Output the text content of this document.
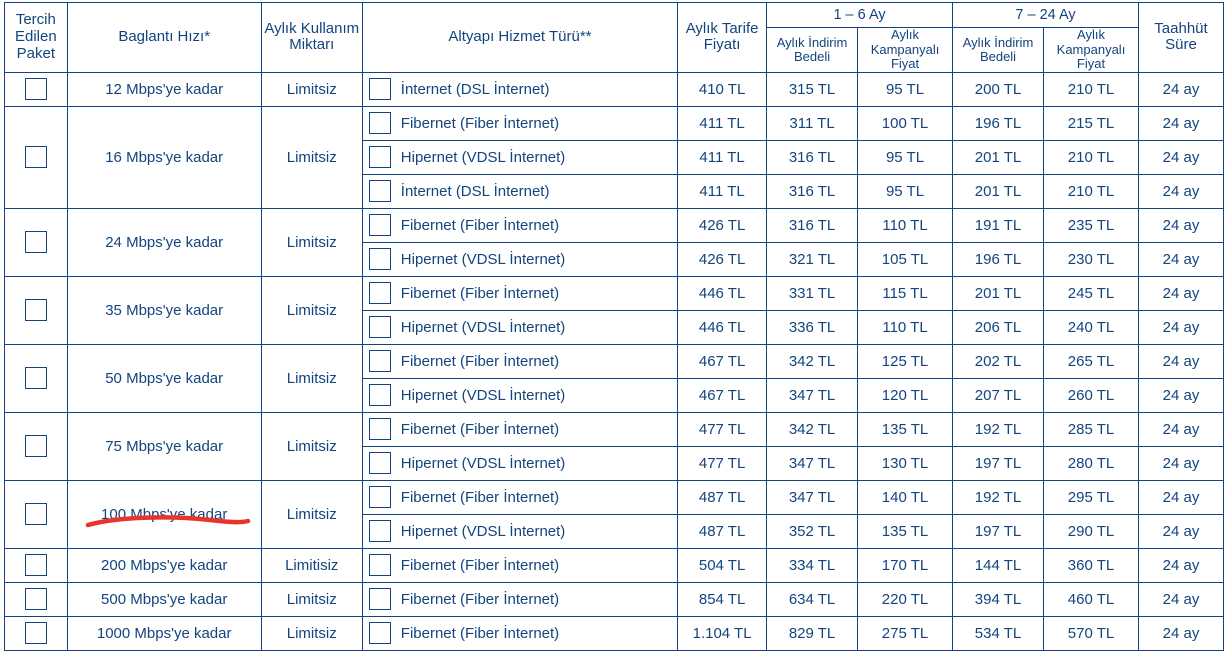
Tercih Edilen Paket	Baglantı Hızı*	Aylık Kullanım Miktarı	Altyapı Hizmet Türü**	Aylık Tarife Fiyatı	1 – 6 Ay		7 – 24 Ay		Taahhüt Süre
					Aylık İndirim Bedeli	Aylık Kampanyalı Fiyat	Aylık İndirim Bedeli	Aylık Kampanyalı Fiyat	

	12 Mbps'ye kadar	Limitsiz	İnternet (DSL İnternet)	410 TL	315 TL	95 TL	200 TL	210 TL	24 ay

	16 Mbps'ye kadar	Limitsiz	Fibernet (Fiber İnternet)	411 TL	311 TL	100 TL	196 TL	215 TL	24 ay

			Hipernet (VDSL İnternet)	411 TL	316 TL	95 TL	201 TL	210 TL	24 ay

			İnternet (DSL İnternet)	411 TL	316 TL	95 TL	201 TL	210 TL	24 ay

	24 Mbps'ye kadar	Limitsiz	Fibernet (Fiber İnternet)	426 TL	316 TL	110 TL	191 TL	235 TL	24 ay

			Hipernet (VDSL İnternet)	426 TL	321 TL	105 TL	196 TL	230 TL	24 ay

	35 Mbps'ye kadar	Limitsiz	Fibernet (Fiber İnternet)	446 TL	331 TL	115 TL	201 TL	245 TL	24 ay

			Hipernet (VDSL İnternet)	446 TL	336 TL	110 TL	206 TL	240 TL	24 ay

	50 Mbps'ye kadar	Limitsiz	Fibernet (Fiber İnternet)	467 TL	342 TL	125 TL	202 TL	265 TL	24 ay

			Hipernet (VDSL İnternet)	467 TL	347 TL	120 TL	207 TL	260 TL	24 ay

	75 Mbps'ye kadar	Limitsiz	Fibernet (Fiber İnternet)	477 TL	342 TL	135 TL	192 TL	285 TL	24 ay

			Hipernet (VDSL İnternet)	477 TL	347 TL	130 TL	197 TL	280 TL	24 ay

	100 Mbps'ye kadar	Limitsiz	Fibernet (Fiber İnternet)	487 TL	347 TL	140 TL	192 TL	295 TL	24 ay

			Hipernet (VDSL İnternet)	487 TL	352 TL	135 TL	197 TL	290 TL	24 ay

	200 Mbps'ye kadar	Limitisiz	Fibernet (Fiber İnternet)	504 TL	334 TL	170 TL	144 TL	360 TL	24 ay

	500 Mbps'ye kadar	Limitsiz	Fibernet (Fiber İnternet)	854 TL	634 TL	220 TL	394 TL	460 TL	24 ay

	1000 Mbps'ye kadar	Limitsiz	Fibernet (Fiber İnternet)	1.104 TL	829 TL	275 TL	534 TL	570 TL	24 ay
